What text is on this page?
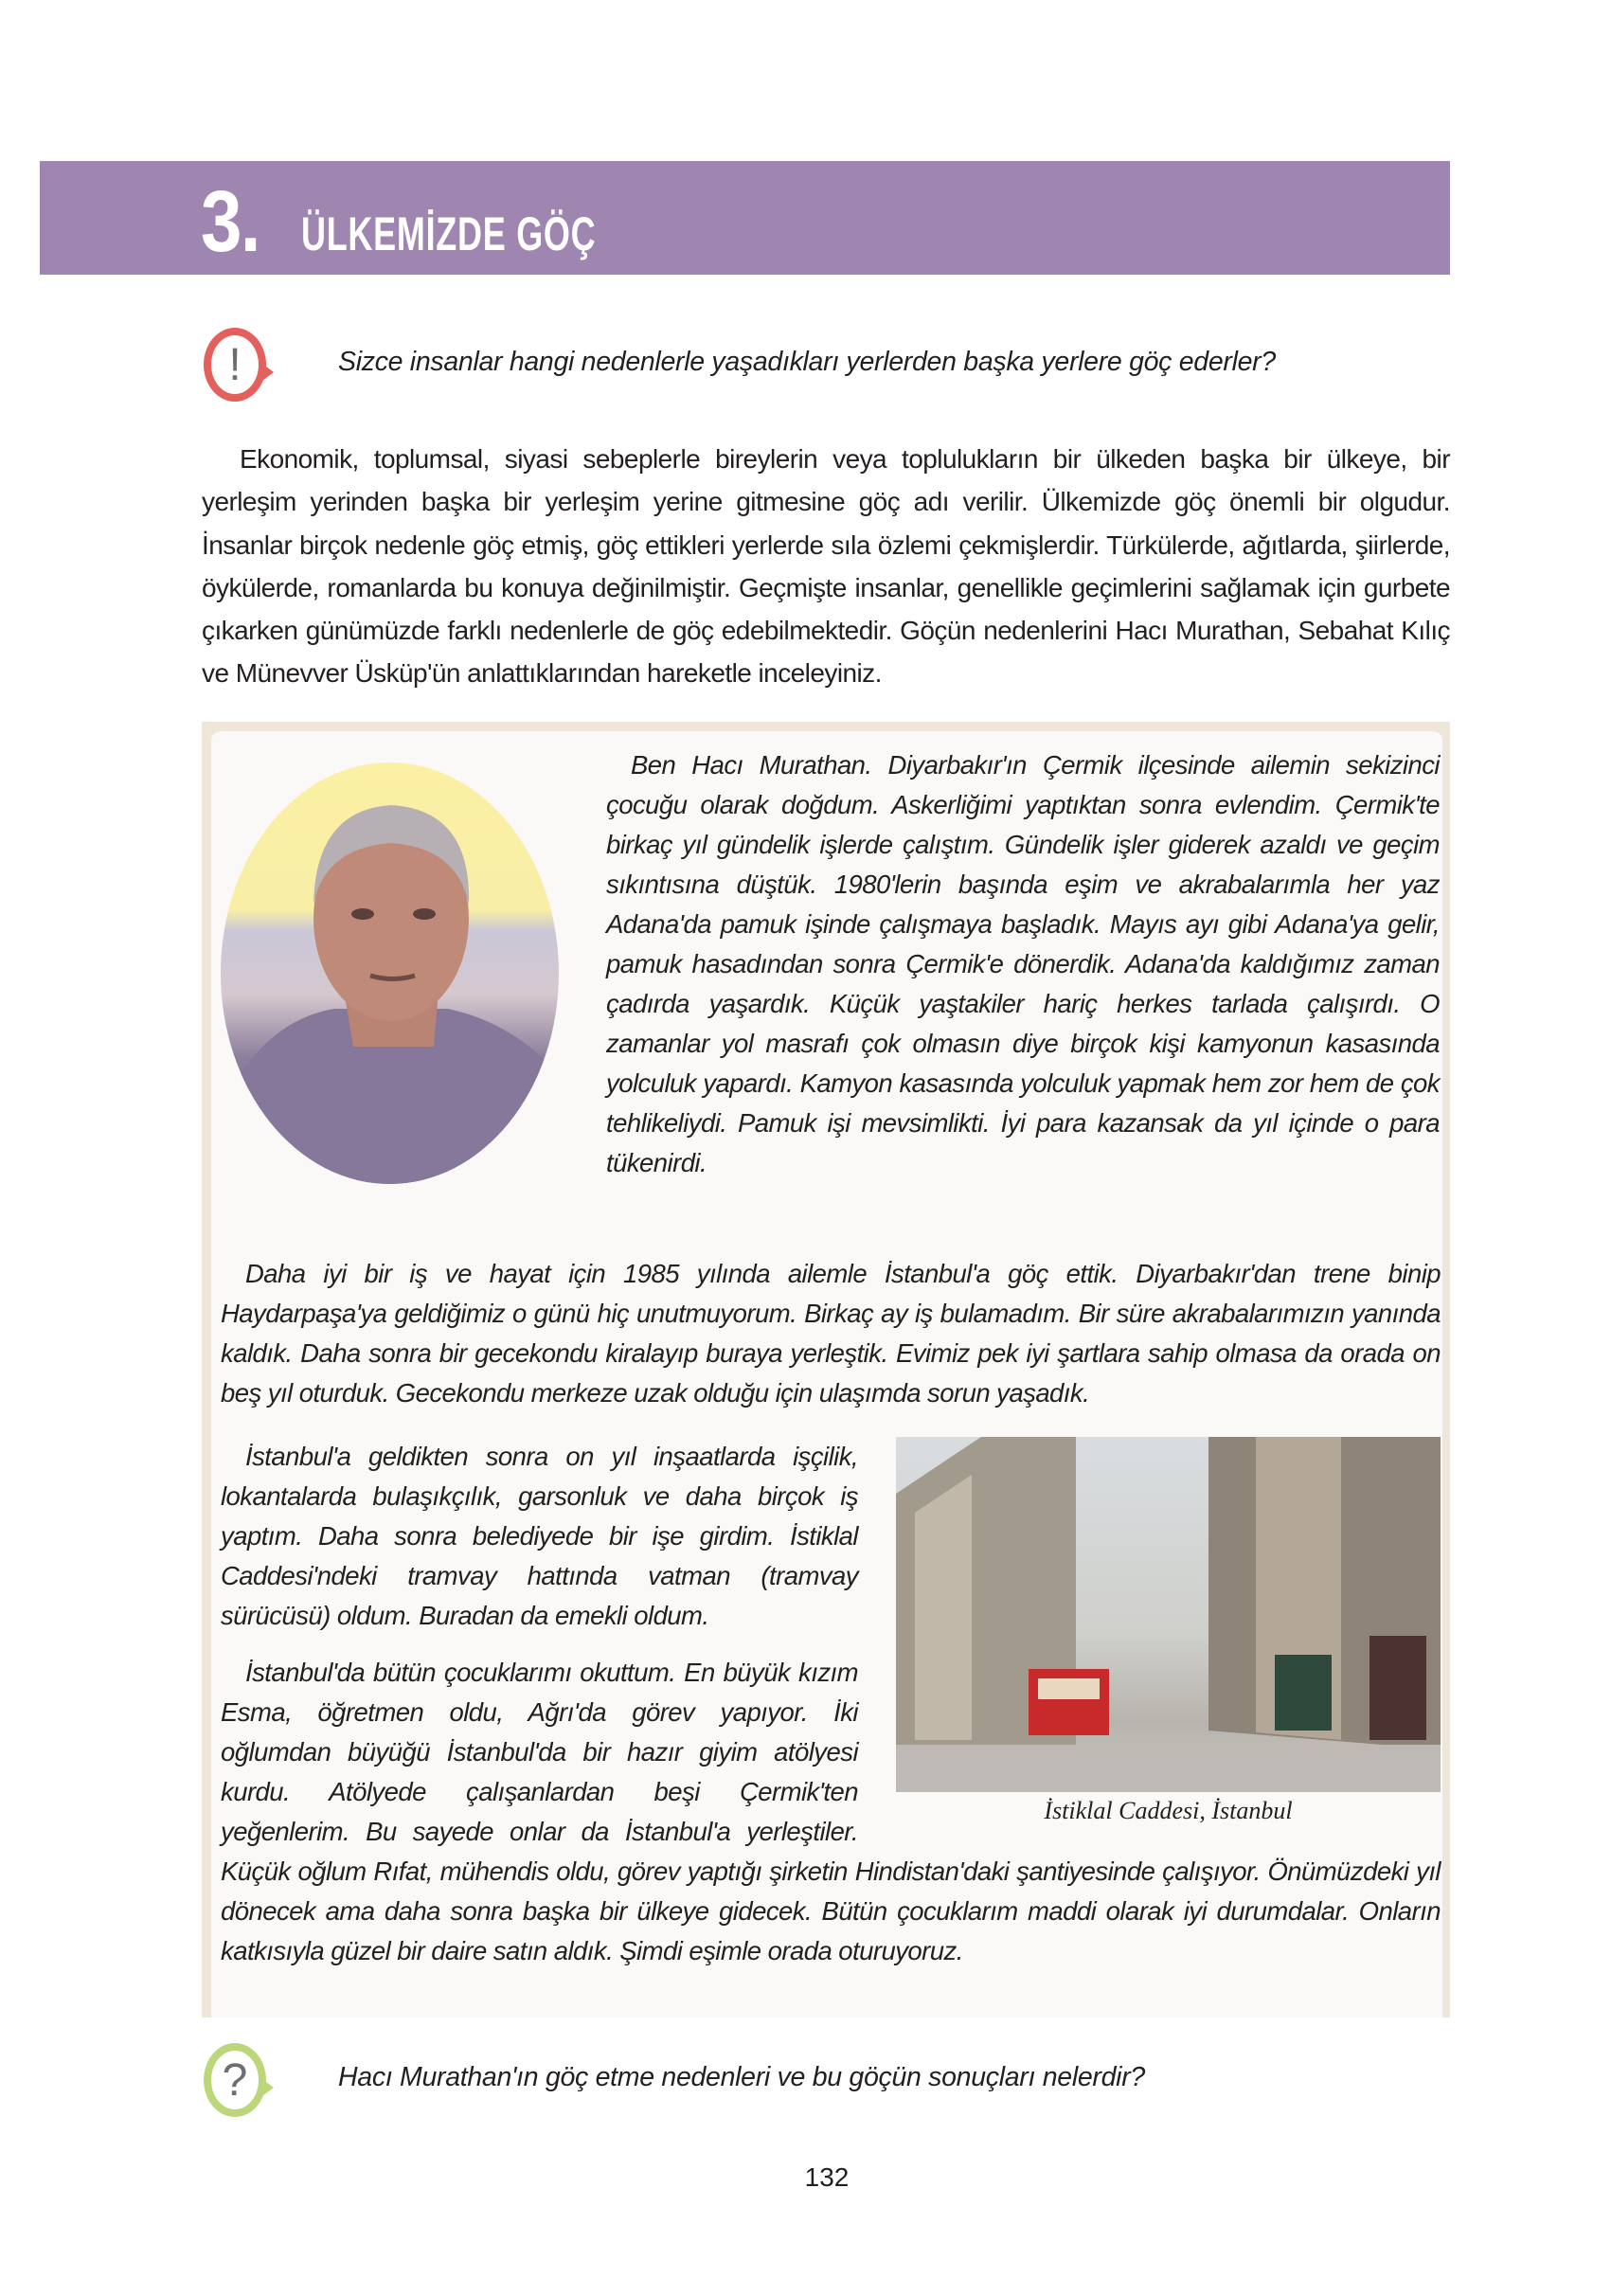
3. ÜLKEMİZDE GÖÇ
!	Sizce insanlar hangi nedenlerle yaşadıkları yerlerden başka yerlere göç ederler?

Ekonomik, toplumsal, siyasi sebeplerle bireylerin veya toplulukların bir ülkeden başka bir ülkeye, bir yerleşim yerinden başka bir yerleşim yerine gitmesine göç adı verilir. Ülkemizde göç önemli bir olgudur. İnsanlar birçok nedenle göç etmiş, göç ettikleri yerlerde sıla özlemi çekmişlerdir. Türkülerde, ağıtlarda, şiirlerde, öykülerde, romanlarda bu konuya değinilmiştir. Geçmişte insanlar, genellikle geçimlerini sağlamak için gurbete çıkarken günümüzde farklı nedenlerle de göç edebilmektedir. Göçün nedenlerini Hacı Murathan, Sebahat Kılıç ve Münevver Üsküp'ün anlattıklarından hareketle inceleyiniz.

Ben Hacı Murathan. Diyarbakır'ın Çermik ilçesinde ailemin sekizinci çocuğu olarak doğdum. Askerliğimi yaptıktan sonra evlendim. Çermik'te birkaç yıl gündelik işlerde çalıştım. Gündelik işler giderek azaldı ve geçim sıkıntısına düştük. 1980'lerin başında eşim ve akrabalarımla her yaz Adana'da pamuk işinde çalışmaya başladık. Mayıs ayı gibi Adana'ya gelir, pamuk hasadından sonra Çermik'e dönerdik. Adana'da kaldığımız zaman çadırda yaşardık. Küçük yaştakiler hariç herkes tarlada çalışırdı. O zamanlar yol masrafı çok olmasın diye birçok kişi kamyonun kasasında yolculuk yapardı. Kamyon kasasında yolculuk yapmak hem zor hem de çok tehlikeliydi. Pamuk işi mevsimlikti. İyi para kazansak da yıl içinde o para tükenirdi.

Daha iyi bir iş ve hayat için 1985 yılında ailemle İstanbul'a göç ettik. Diyarbakır'dan trene binip Haydarpaşa'ya geldiğimiz o günü hiç unutmuyorum. Birkaç ay iş bulamadım. Bir süre akrabalarımızın yanında kaldık. Daha sonra bir gecekondu kiralayıp buraya yerleştik. Evimiz pek iyi şartlara sahip olmasa da orada on beş yıl oturduk. Gecekondu merkeze uzak olduğu için ulaşımda sorun yaşadık.

İstiklal Caddesi, İstanbul

İstanbul'a geldikten sonra on yıl inşaatlarda işçilik, lokantalarda bulaşıkçılık, garsonluk ve daha birçok iş yaptım. Daha sonra belediyede bir işe girdim. İstiklal Caddesi'ndeki tramvay hattında vatman (tramvay sürücüsü) oldum. Buradan da emekli oldum.

İstanbul'da bütün çocuklarımı okuttum. En büyük kızım Esma, öğretmen oldu, Ağrı'da görev yapıyor. İki oğlumdan büyüğü İstanbul'da bir hazır giyim atölyesi kurdu. Atölyede çalışanlardan beşi Çermik'ten yeğenlerim. Bu sayede onlar da İstanbul'a yerleştiler. Küçük oğlum Rıfat, mühendis oldu, görev yaptığı şirketin Hindistan'daki şantiyesinde çalışıyor. Önümüzdeki yıl dönecek ama daha sonra başka bir ülkeye gidecek. Bütün çocuklarım maddi olarak iyi durumdalar. Onların katkısıyla güzel bir daire satın aldık. Şimdi eşimle orada oturuyoruz.

?	Hacı Murathan'ın göç etme nedenleri ve bu göçün sonuçları nelerdir?
132
